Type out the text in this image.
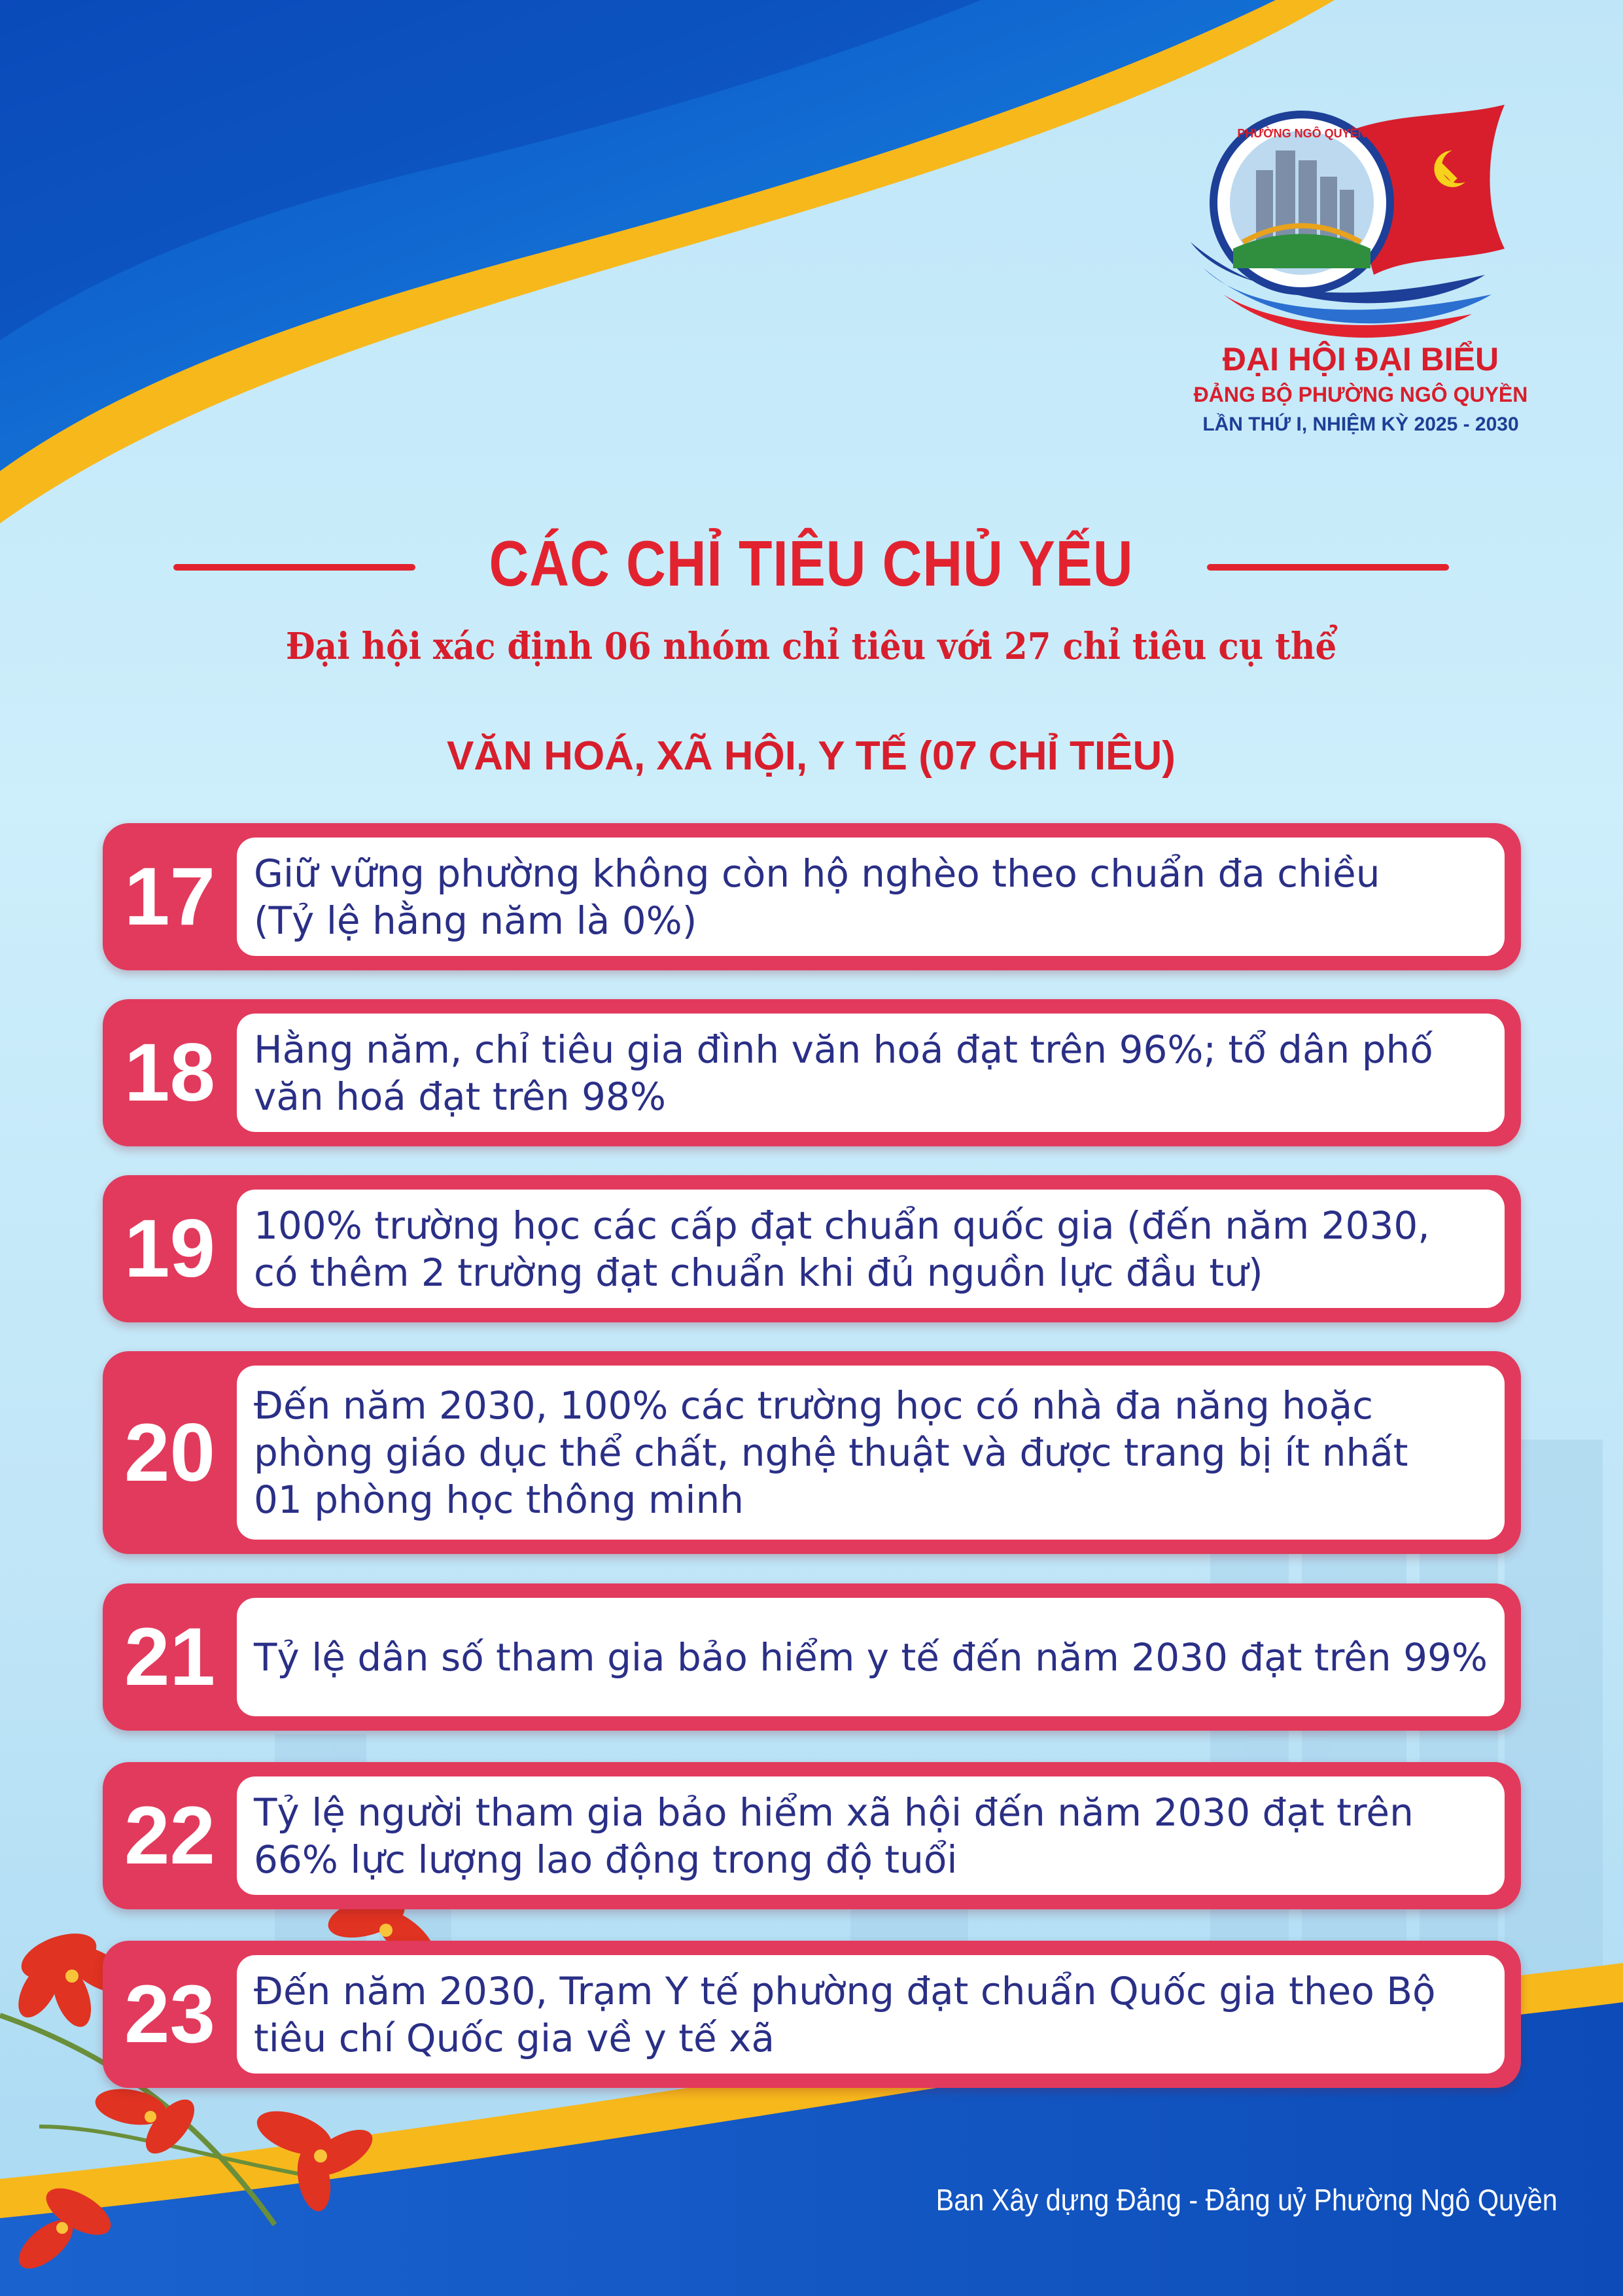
PHƯỜNG NGÔ QUYỀN
ĐẠI HỘI ĐẠI BIỂU
ĐẢNG BỘ PHƯỜNG NGÔ QUYỀN
LẦN THỨ I, NHIỆM KỲ 2025 - 2030
CÁC CHỈ TIÊU CHỦ YẾU
Đại hội xác định 06 nhóm chỉ tiêu với 27 chỉ tiêu cụ thể
VĂN HOÁ, XÃ HỘI, Y TẾ (07 CHỈ TIÊU)
17	Giữ vững phường không còn hộ nghèo theo chuẩn đa chiều
(Tỷ lệ hằng năm là 0%)
18	Hằng năm, chỉ tiêu gia đình văn hoá đạt trên 96%; tổ dân phố
văn hoá đạt trên 98%
19	100% trường học các cấp đạt chuẩn quốc gia (đến năm 2030,
có thêm 2 trường đạt chuẩn khi đủ nguồn lực đầu tư)
20
Đến năm 2030, 100% các trường học có nhà đa năng hoặc
phòng giáo dục thể chất, nghệ thuật và được trang bị ít nhất
01 phòng học thông minh
21	Tỷ lệ dân số tham gia bảo hiểm y tế đến năm 2030 đạt trên 99%
22	Tỷ lệ người tham gia bảo hiểm xã hội đến năm 2030 đạt trên
66% lực lượng lao động trong độ tuổi
23	Đến năm 2030, Trạm Y tế phường đạt chuẩn Quốc gia theo Bộ
tiêu chí Quốc gia về y tế xã
Ban Xây dựng Đảng - Đảng uỷ Phường Ngô Quyền
